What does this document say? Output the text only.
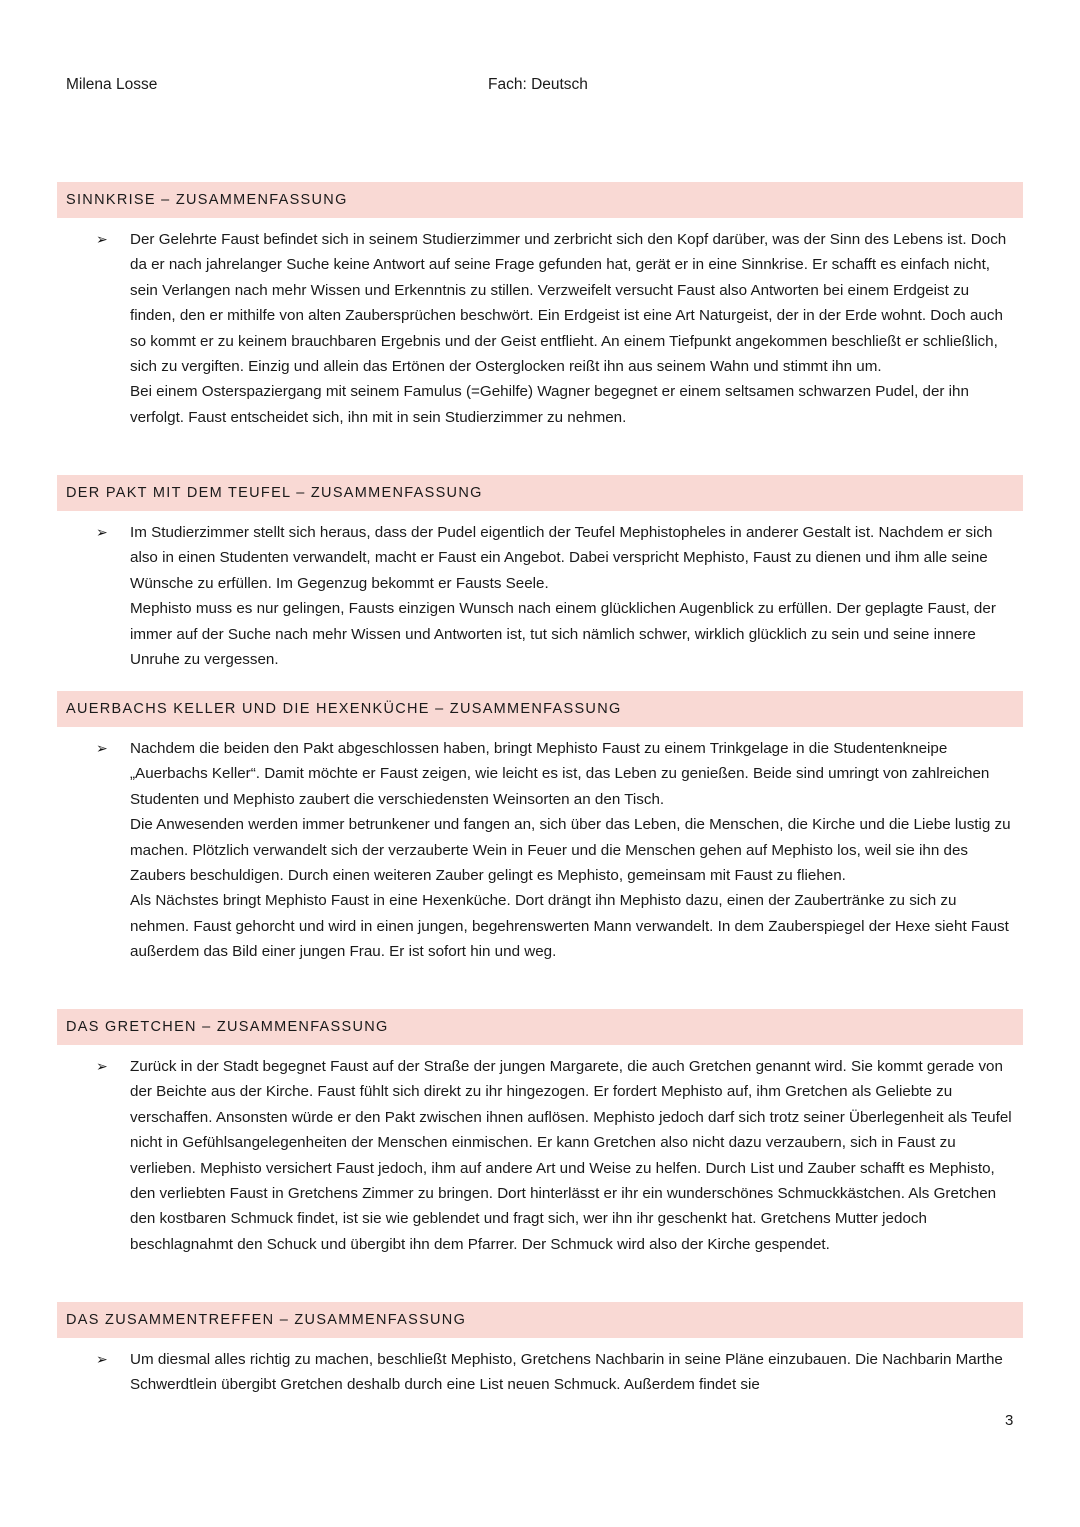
Milena Losse	Fach: Deutsch
SINNKRISE – ZUSAMMENFASSUNG
➢ Der Gelehrte Faust befindet sich in seinem Studierzimmer und zerbricht sich den Kopf darüber, was der Sinn des Lebens ist. Doch da er nach jahrelanger Suche keine Antwort auf seine Frage gefunden hat, gerät er in eine Sinnkrise. Er schafft es einfach nicht, sein Verlangen nach mehr Wissen und Erkenntnis zu stillen. Verzweifelt versucht Faust also Antworten bei einem Erdgeist zu finden, den er mithilfe von alten Zaubersprüchen beschwört. Ein Erdgeist ist eine Art Naturgeist, der in der Erde wohnt. Doch auch so kommt er zu keinem brauchbaren Ergebnis und der Geist entflieht. An einem Tiefpunkt angekommen beschließt er schließlich, sich zu vergiften. Einzig und allein das Ertönen der Osterglocken reißt ihn aus seinem Wahn und stimmt ihn um.

Bei einem Osterspaziergang mit seinem Famulus (=Gehilfe) Wagner begegnet er einem seltsamen schwarzen Pudel, der ihn verfolgt. Faust entscheidet sich, ihn mit in sein Studierzimmer zu nehmen.

DER PAKT MIT DEM TEUFEL – ZUSAMMENFASSUNG
➢ Im Studierzimmer stellt sich heraus, dass der Pudel eigentlich der Teufel Mephistopheles in anderer Gestalt ist. Nachdem er sich also in einen Studenten verwandelt, macht er Faust ein Angebot. Dabei verspricht Mephisto, Faust zu dienen und ihm alle seine Wünsche zu erfüllen. Im Gegenzug bekommt er Fausts Seele.

Mephisto muss es nur gelingen, Fausts einzigen Wunsch nach einem glücklichen Augenblick zu erfüllen. Der geplagte Faust, der immer auf der Suche nach mehr Wissen und Antworten ist, tut sich nämlich schwer, wirklich glücklich zu sein und seine innere Unruhe zu vergessen.

AUERBACHS KELLER UND DIE HEXENKÜCHE – ZUSAMMENFASSUNG
➢ Nachdem die beiden den Pakt abgeschlossen haben, bringt Mephisto Faust zu einem Trinkgelage in die Studentenkneipe „Auerbachs Keller“. Damit möchte er Faust zeigen, wie leicht es ist, das Leben zu genießen. Beide sind umringt von zahlreichen Studenten und Mephisto zaubert die verschiedensten Weinsorten an den Tisch.

Die Anwesenden werden immer betrunkener und fangen an, sich über das Leben, die Menschen, die Kirche und die Liebe lustig zu machen. Plötzlich verwandelt sich der verzauberte Wein in Feuer und die Menschen gehen auf Mephisto los, weil sie ihn des Zaubers beschuldigen. Durch einen weiteren Zauber gelingt es Mephisto, gemeinsam mit Faust zu fliehen.

Als Nächstes bringt Mephisto Faust in eine Hexenküche. Dort drängt ihn Mephisto dazu, einen der Zaubertränke zu sich zu nehmen. Faust gehorcht und wird in einen jungen, begehrenswerten Mann verwandelt. In dem Zauberspiegel der Hexe sieht Faust außerdem das Bild einer jungen Frau. Er ist sofort hin und weg.

DAS GRETCHEN – ZUSAMMENFASSUNG
➢ Zurück in der Stadt begegnet Faust auf der Straße der jungen Margarete, die auch Gretchen genannt wird. Sie kommt gerade von der Beichte aus der Kirche. Faust fühlt sich direkt zu ihr hingezogen. Er fordert Mephisto auf, ihm Gretchen als Geliebte zu verschaffen. Ansonsten würde er den Pakt zwischen ihnen auflösen. Mephisto jedoch darf sich trotz seiner Überlegenheit als Teufel nicht in Gefühlsangelegenheiten der Menschen einmischen. Er kann Gretchen also nicht dazu verzaubern, sich in Faust zu verlieben. Mephisto versichert Faust jedoch, ihm auf andere Art und Weise zu helfen. Durch List und Zauber schafft es Mephisto, den verliebten Faust in Gretchens Zimmer zu bringen. Dort hinterlässt er ihr ein wunderschönes Schmuckkästchen. Als Gretchen den kostbaren Schmuck findet, ist sie wie geblendet und fragt sich, wer ihn ihr geschenkt hat. Gretchens Mutter jedoch beschlagnahmt den Schuck und übergibt ihn dem Pfarrer. Der Schmuck wird also der Kirche gespendet.

DAS ZUSAMMENTREFFEN – ZUSAMMENFASSUNG
➢ Um diesmal alles richtig zu machen, beschließt Mephisto, Gretchens Nachbarin in seine Pläne einzubauen. Die Nachbarin Marthe Schwerdtlein übergibt Gretchen deshalb durch eine List neuen Schmuck. Außerdem findet sie

3
